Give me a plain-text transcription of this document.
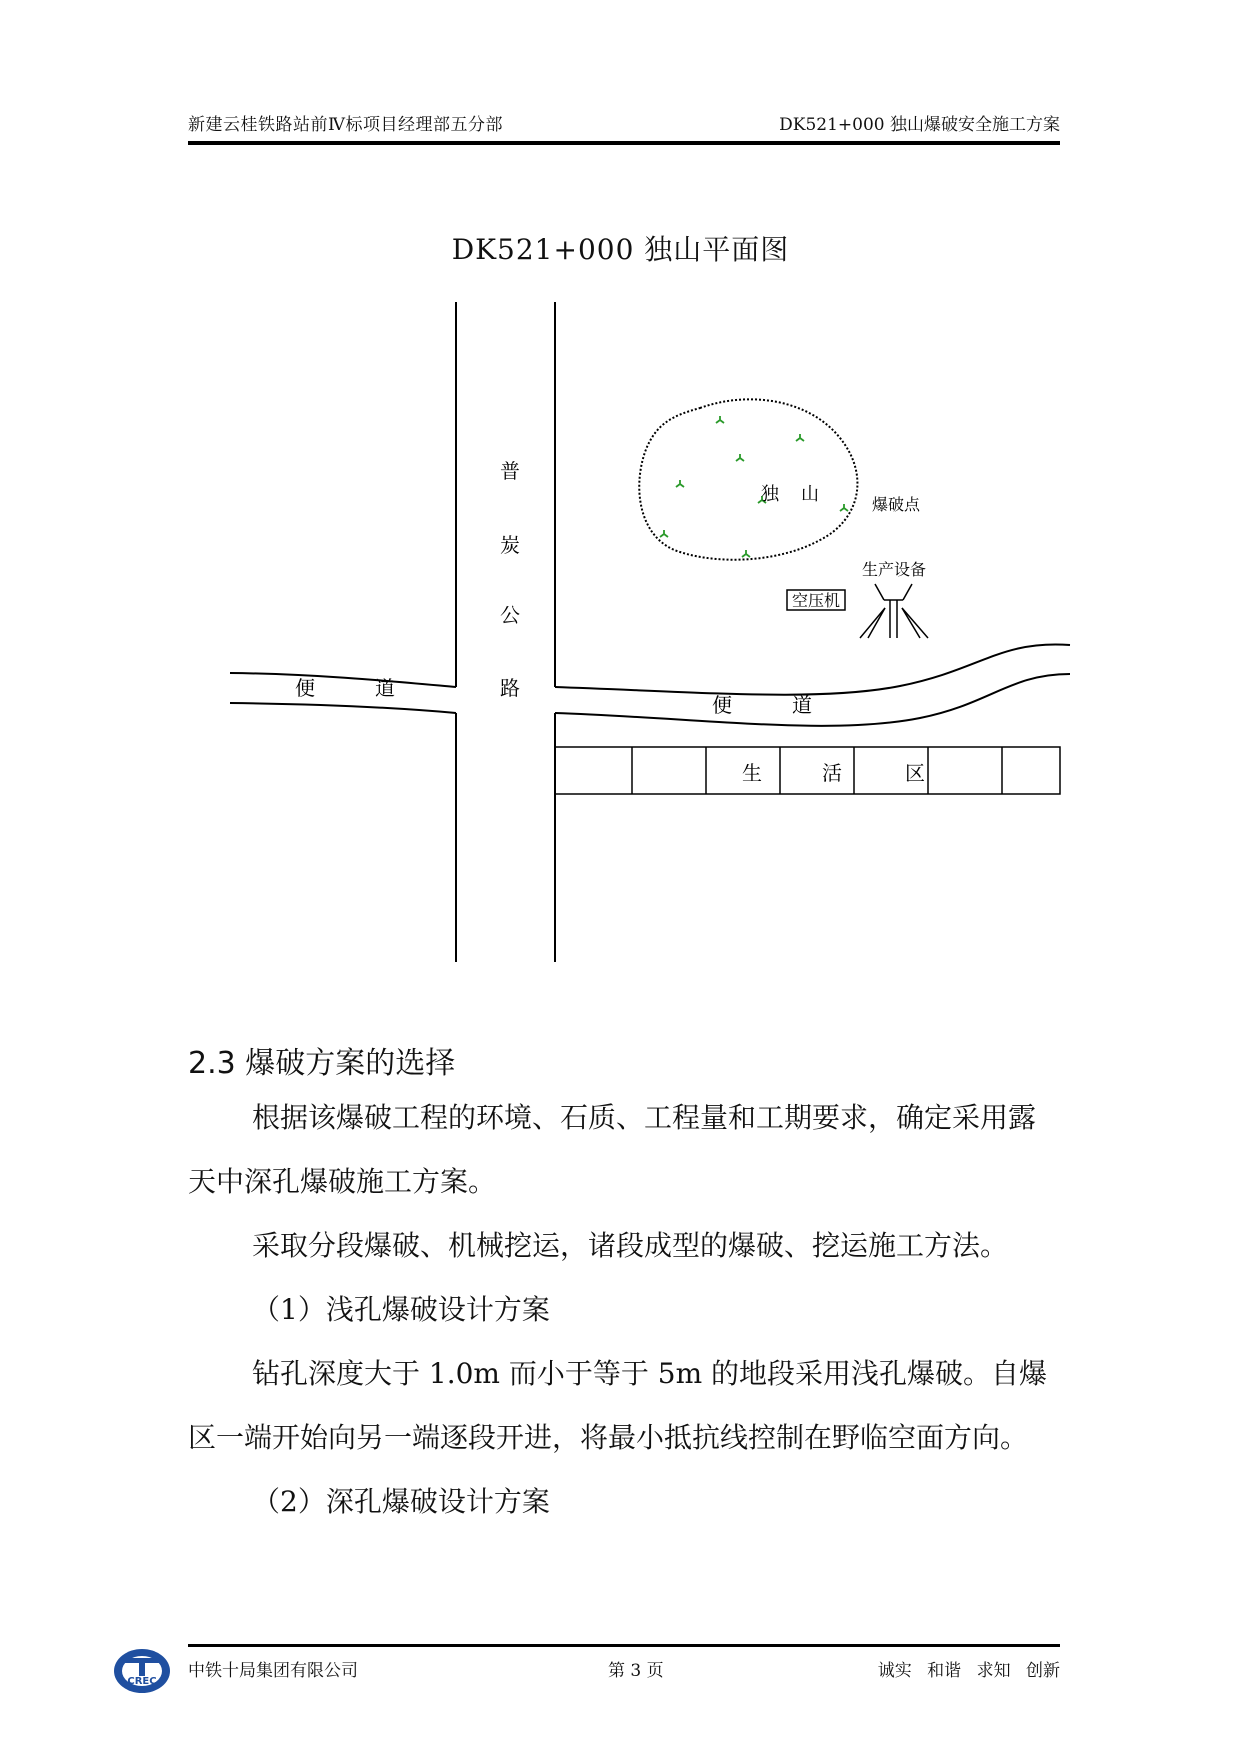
新建云桂铁路站前Ⅳ标项目经理部五分部	DK521+000 独山爆破安全施工方案
DK521+000 独山平面图
普
炭
公
路
便	道
便	道
独 山	爆破点
生产设备
空压机
生	活	区
2.3 爆破方案的选择

根据该爆破工程的环境、石质、工程量和工期要求，确定采用露天中深孔爆破施工方案。

采取分段爆破、机械挖运，诸段成型的爆破、挖运施工方法。

（1）浅孔爆破设计方案

钻孔深度大于 1.0m 而小于等于 5m 的地段采用浅孔爆破。自爆区一端开始向另一端逐段开进，将最小抵抗线控制在野临空面方向。

（2）深孔爆破设计方案

CREC
中铁十局集团有限公司	第 3 页	诚实 和谐 求知 创新
